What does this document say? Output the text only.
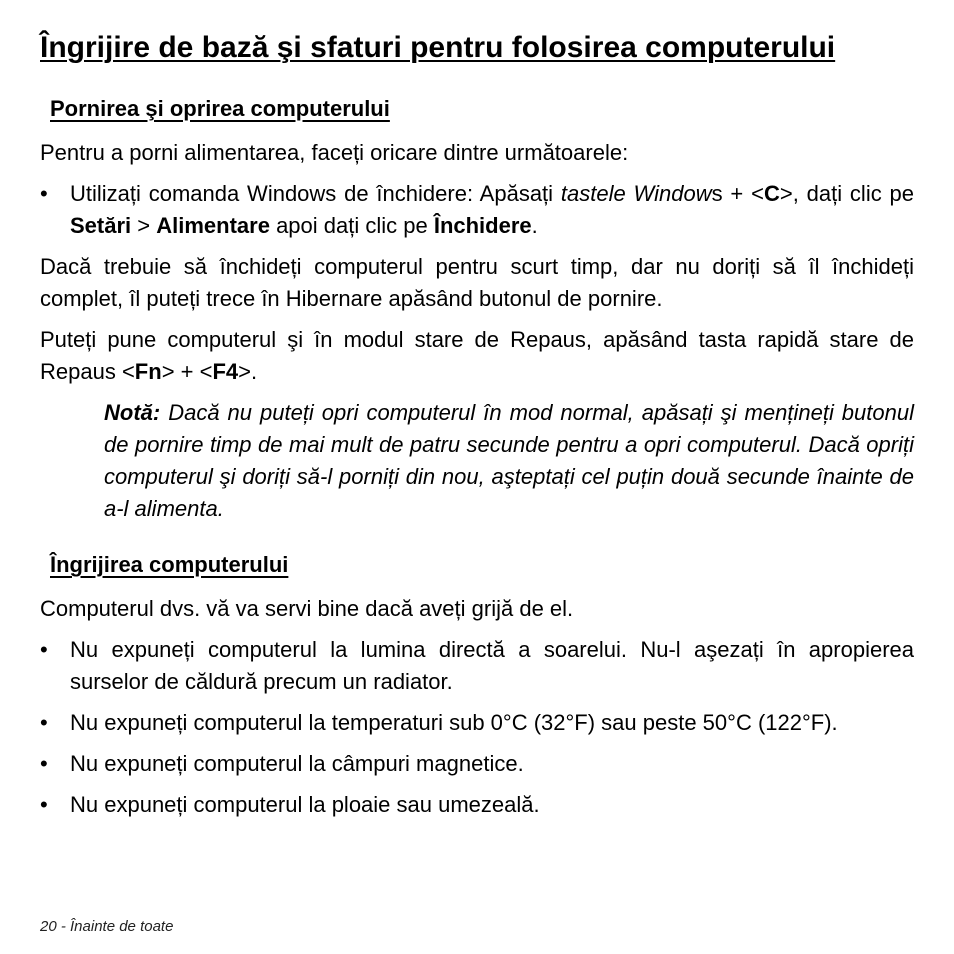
Îngrijire de bază şi sfaturi pentru folosirea computerului
Pornirea şi oprirea computerului

Pentru a porni alimentarea, faceți oricare dintre următoarele:

• Utilizați comanda Windows de închidere: Apăsați tastele Windows + <C>, dați clic pe Setări > Alimentare apoi dați clic pe Închidere.

Dacă trebuie să închideți computerul pentru scurt timp, dar nu doriți să îl închideți complet, îl puteți trece în Hibernare apăsând butonul de pornire.

Puteți pune computerul şi în modul stare de Repaus, apăsând tasta rapidă stare de Repaus <Fn> + <F4>.

Notă: Dacă nu puteți opri computerul în mod normal, apăsați şi mențineți butonul de pornire timp de mai mult de patru secunde pentru a opri computerul. Dacă opriți computerul şi doriți să-l porniți din nou, aşteptați cel puțin două secunde înainte de a-l alimenta.

Îngrijirea computerului

Computerul dvs. vă va servi bine dacă aveți grijă de el.

• Nu expuneți computerul la lumina directă a soarelui. Nu-l aşezați în apropierea surselor de căldură precum un radiator.

• Nu expuneți computerul la temperaturi sub 0°C (32°F) sau peste 50°C (122°F).

• Nu expuneți computerul la câmpuri magnetice.

• Nu expuneți computerul la ploaie sau umezeală.

20 - Înainte de toate
